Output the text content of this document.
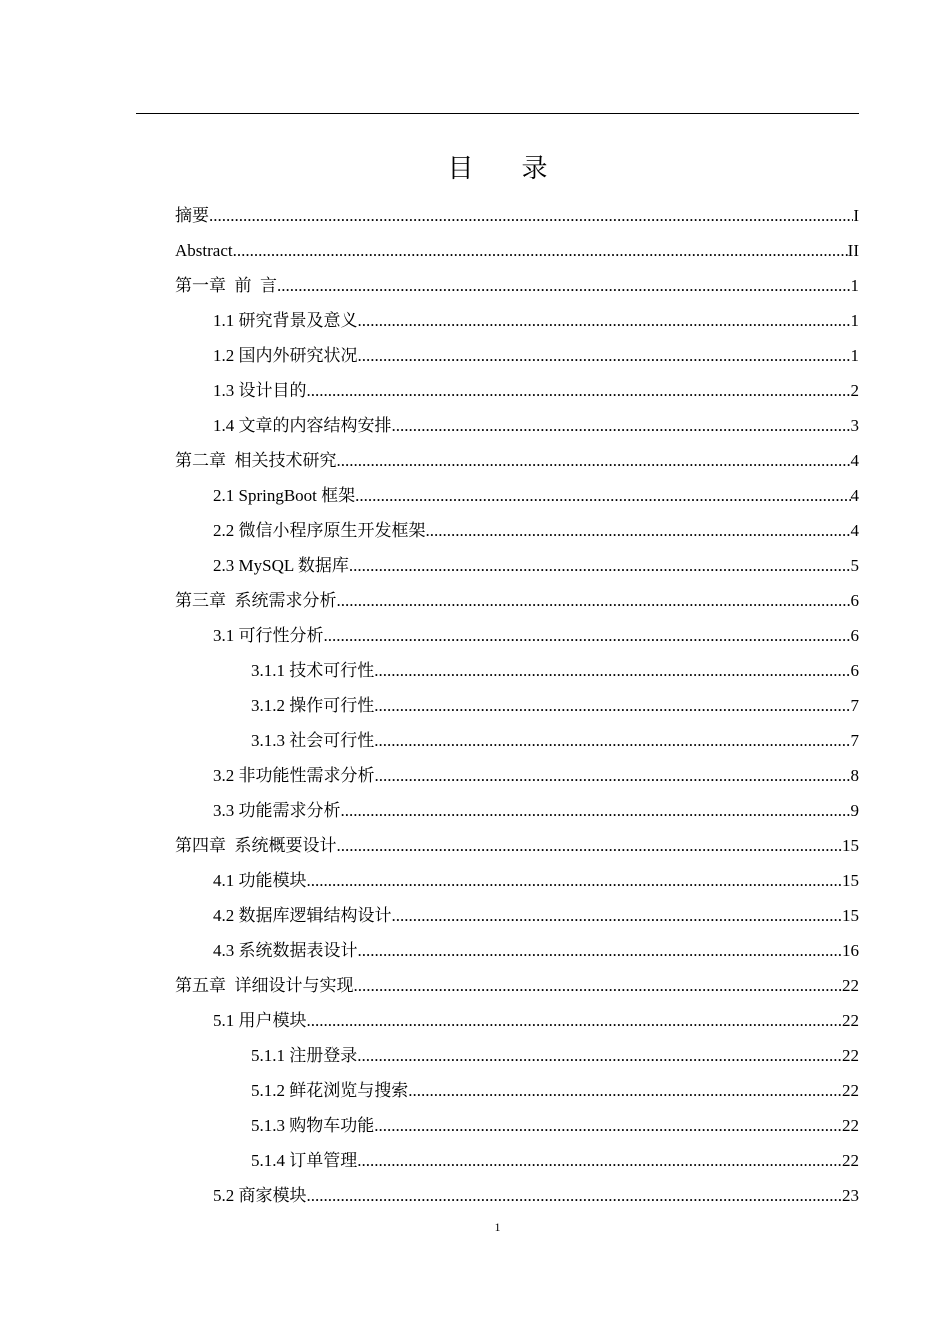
目 录
摘要 .....	I
Abstract .....	II
第一章  前  言 .....	1
1.1 研究背景及意义 .....	1
1.2 国内外研究状况 .....	1
1.3 设计目的 .....	2
1.4 文章的内容结构安排 .....	3
第二章  相关技术研究 .....	4
2.1 SpringBoot 框架 .....	4
2.2 微信小程序原生开发框架 .....	4
2.3 MySQL 数据库 .....	5
第三章  系统需求分析 .....	6
3.1 可行性分析 .....	6
3.1.1 技术可行性 .....	6
3.1.2 操作可行性 .....	7
3.1.3 社会可行性 .....	7
3.2 非功能性需求分析 .....	8
3.3 功能需求分析 .....	9
第四章  系统概要设计 .....	15
4.1 功能模块 .....	15
4.2 数据库逻辑结构设计 .....	15
4.3 系统数据表设计 .....	16
第五章  详细设计与实现 .....	22
5.1 用户模块 .....	22
5.1.1 注册登录 .....	22
5.1.2 鲜花浏览与搜索 .....	22
5.1.3 购物车功能 .....	22
5.1.4 订单管理 .....	22
5.2 商家模块 .....	23
1
